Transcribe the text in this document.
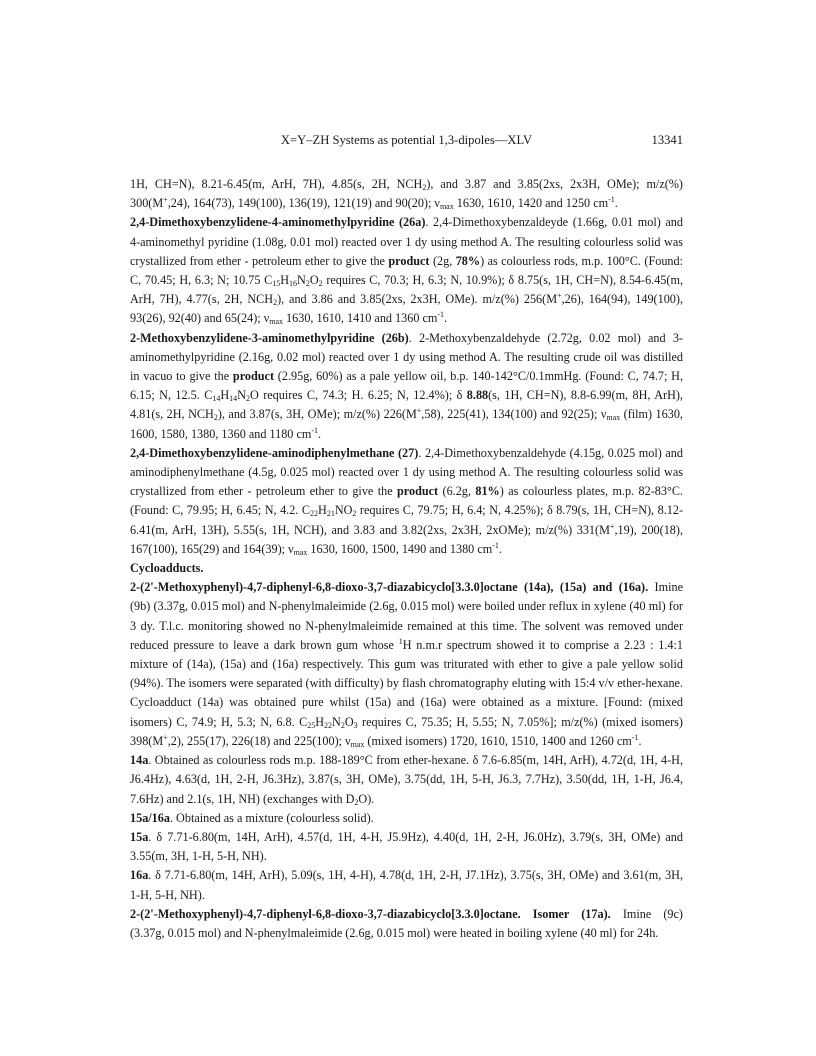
X=Y–ZH Systems as potential 1,3-dipoles—XLV	13341

1H, CH=N), 8.21-6.45(m, ArH, 7H), 4.85(s, 2H, $NCH_2$), and 3.87 and 3.85(2xs, 2x3H, OMe); m/z(%) 300(M+,24), 164(73), 149(100), 136(19), 121(19) and 90(20); $\nu_{max}$ 1630, 1610, 1420 and 1250 $cm^{-1}$.

2,4-Dimethoxybenzylidene-4-aminomethylpyridine (26a). 2,4-Dimethoxybenzaldeyde (1.66g, 0.01 mol) and 4-aminomethyl pyridine (1.08g, 0.01 mol) reacted over 1 dy using method A. The resulting colourless solid was crystallized from ether - petroleum ether to give the product (2g, 78%) as colourless rods, m.p. 100°C. (Found: C, 70.45; H, 6.3; N; 10.75 $C_{15}H_{16}N_2O_2$ requires C, 70.3; H, 6.3; N, 10.9%); δ 8.75(s, 1H, CH=N), 8.54-6.45(m, ArH, 7H), 4.77(s, 2H, $NCH_2$), and 3.86 and 3.85(2xs, 2x3H, OMe). m/z(%) 256(M+,26), 164(94), 149(100), 93(26), 92(40) and 65(24); $\nu_{max}$ 1630, 1610, 1410 and 1360 $cm^{-1}$.

2-Methoxybenzylidene-3-aminomethylpyridine (26b). 2-Methoxybenzaldehyde (2.72g, 0.02 mol) and 3-aminomethylpyridine (2.16g, 0.02 mol) reacted over 1 dy using method A. The resulting crude oil was distilled in vacuo to give the product (2.95g, 60%) as a pale yellow oil, b.p. 140-142°C/0.1mmHg. (Found: C, 74.7; H, 6.15; N, 12.5. $C_{14}H_{14}N_2O$ requires C, 74.3; H. 6.25; N, 12.4%); δ 8.88(s, 1H, CH=N), 8.8-6.99(m, 8H, ArH), 4.81(s, 2H, $NCH_2$), and 3.87(s, 3H, OMe); m/z(%) 226(M+,58), 225(41), 134(100) and 92(25); $\nu_{max}$ (film) 1630, 1600, 1580, 1380, 1360 and 1180 $cm^{-1}$.

2,4-Dimethoxybenzylidene-aminodiphenylmethane (27). 2,4-Dimethoxybenzaldehyde (4.15g, 0.025 mol) and aminodiphenylmethane (4.5g, 0.025 mol) reacted over 1 dy using method A. The resulting colourless solid was crystallized from ether - petroleum ether to give the product (6.2g, 81%) as colourless plates, m.p. 82-83°C. (Found: C, 79.95; H, 6.45; N, 4.2. $C_{22}H_{21}NO_2$ requires C, 79.75; H, 6.4; N, 4.25%); δ 8.79(s, 1H, CH=N), 8.12-6.41(m, ArH, 13H), 5.55(s, 1H, NCH), and 3.83 and 3.82(2xs, 2x3H, 2xOMe); m/z(%) 331(M+,19), 200(18), 167(100), 165(29) and 164(39); $\nu_{max}$ 1630, 1600, 1500, 1490 and 1380 $cm^{-1}$.

Cycloadducts.

2-(2'-Methoxyphenyl)-4,7-diphenyl-6,8-dioxo-3,7-diazabicyclo[3.3.0]octane (14a), (15a) and (16a). Imine (9b) (3.37g, 0.015 mol) and N-phenylmaleimide (2.6g, 0.015 mol) were boiled under reflux in xylene (40 ml) for 3 dy. T.l.c. monitoring showed no N-phenylmaleimide remained at this time. The solvent was removed under reduced pressure to leave a dark brown gum whose $^1$H n.m.r spectrum showed it to comprise a 2.23 : 1.4:1 mixture of (14a), (15a) and (16a) respectively. This gum was triturated with ether to give a pale yellow solid (94%). The isomers were separated (with difficulty) by flash chromatography eluting with 15:4 v/v ether-hexane. Cycloadduct (14a) was obtained pure whilst (15a) and (16a) were obtained as a mixture. [Found: (mixed isomers) C, 74.9; H, 5.3; N, 6.8. $C_{25}H_{22}N_2O_3$ requires C, 75.35; H, 5.55; N, 7.05%]; m/z(%) (mixed isomers) 398(M+,2), 255(17), 226(18) and 225(100); $\nu_{max}$ (mixed isomers) 1720, 1610, 1510, 1400 and 1260 $cm^{-1}$.

14a. Obtained as colourless rods m.p. 188-189°C from ether-hexane. δ 7.6-6.85(m, 14H, ArH), 4.72(d, 1H, 4-H, J6.4Hz), 4.63(d, 1H, 2-H, J6.3Hz), 3.87(s, 3H, OMe), 3.75(dd, 1H, 5-H, J6.3, 7.7Hz), 3.50(dd, 1H, 1-H, J6.4, 7.6Hz) and 2.1(s, 1H, NH) (exchanges with $D_2O$).

15a/16a. Obtained as a mixture (colourless solid).

15a. δ 7.71-6.80(m, 14H, ArH), 4.57(d, 1H, 4-H, J5.9Hz), 4.40(d, 1H, 2-H, J6.0Hz), 3.79(s, 3H, OMe) and 3.55(m, 3H, 1-H, 5-H, NH).

16a. δ 7.71-6.80(m, 14H, ArH), 5.09(s, 1H, 4-H), 4.78(d, 1H, 2-H, J7.1Hz), 3.75(s, 3H, OMe) and 3.61(m, 3H, 1-H, 5-H, NH).

2-(2'-Methoxyphenyl)-4,7-diphenyl-6,8-dioxo-3,7-diazabicyclo[3.3.0]octane. Isomer (17a). Imine (9c) (3.37g, 0.015 mol) and N-phenylmaleimide (2.6g, 0.015 mol) were heated in boiling xylene (40 ml) for 24h.
